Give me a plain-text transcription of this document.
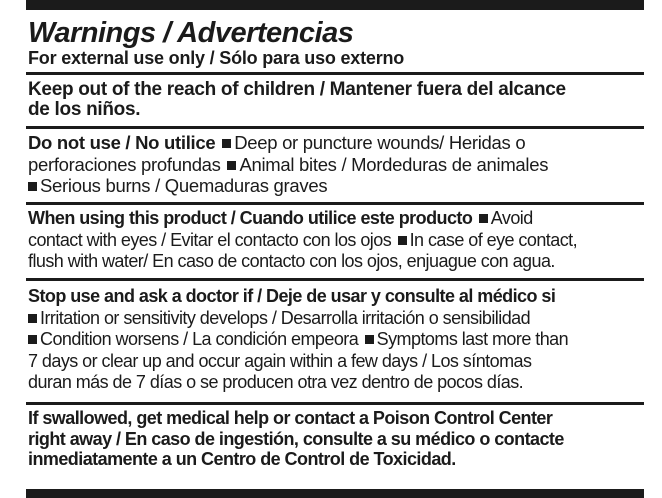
Warnings / Advertencias
For external use only / Sólo para uso externo
Keep out of the reach of children / Mantener fuera del alcance
de los niños.
Do not use / No utilice Deep or puncture wounds/ Heridas o
perforaciones profundas Animal bites / Mordeduras de animales
Serious burns / Quemaduras graves
When using this product / Cuando utilice este producto Avoid
contact with eyes / Evitar el contacto con los ojos In case of eye contact,
flush with water/ En caso de contacto con los ojos, enjuague con agua.
Stop use and ask a doctor if / Deje de usar y consulte al médico si
Irritation or sensitivity develops / Desarrolla irritación o sensibilidad
Condition worsens / La condición empeora Symptoms last more than
7 days or clear up and occur again within a few days / Los síntomas
duran más de 7 días o se producen otra vez dentro de pocos días.
If swallowed, get medical help or contact a Poison Control Center
right away / En caso de ingestión, consulte a su médico o contacte
inmediatamente a un Centro de Control de Toxicidad.
